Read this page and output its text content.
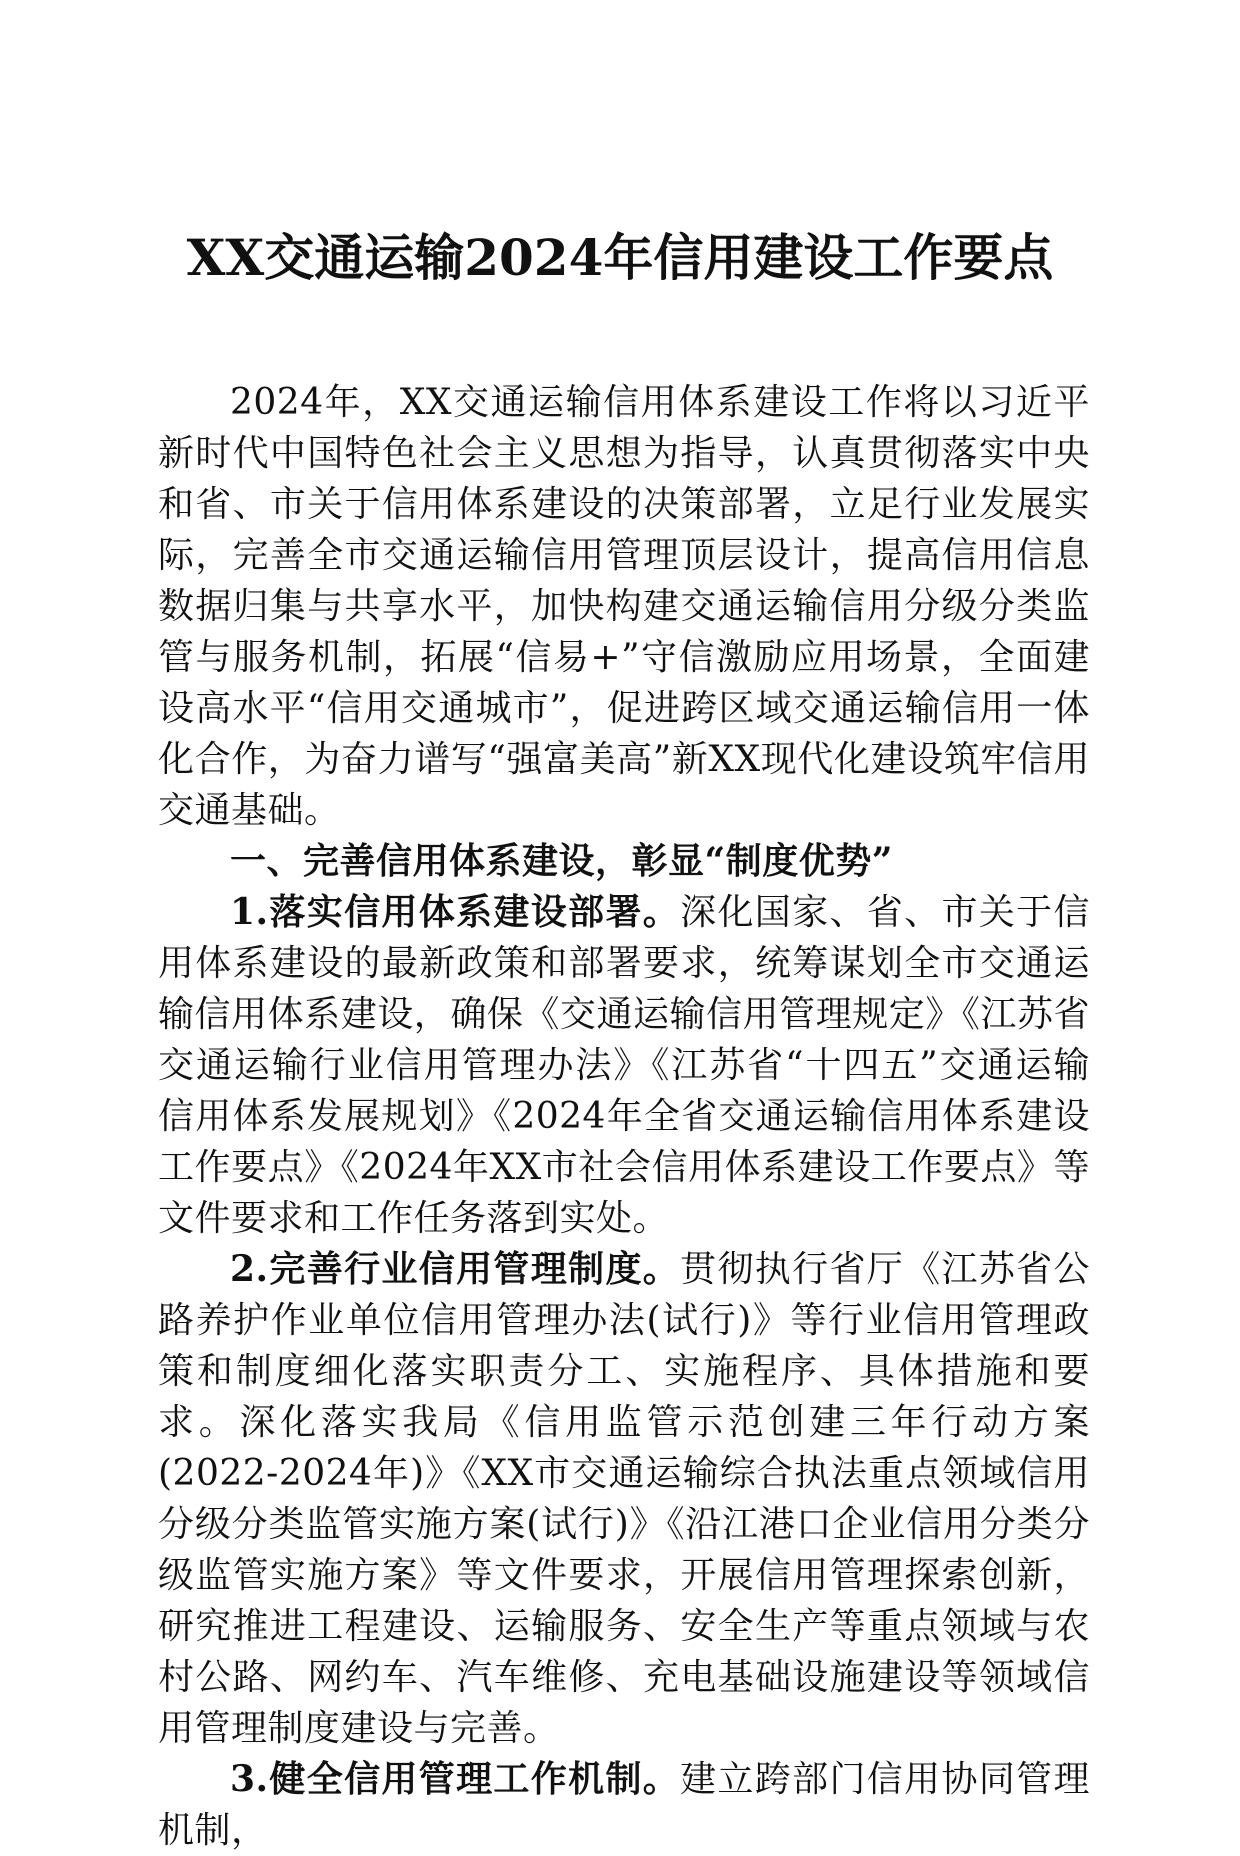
XX交通运输2024年信用建设工作要点

2024年，XX交通运输信用体系建设工作将以习近平新时代中国特色社会主义思想为指导，认真贯彻落实中央和省、市关于信用体系建设的决策部署，立足行业发展实际，完善全市交通运输信用管理顶层设计，提高信用信息数据归集与共享水平，加快构建交通运输信用分级分类监管与服务机制，拓展“信易+”守信激励应用场景，全面建设高水平“信用交通城市”，促进跨区域交通运输信用一体化合作，为奋力谱写“强富美高”新XX现代化建设筑牢信用交通基础。

一、完善信用体系建设，彰显“制度优势”

1.落实信用体系建设部署。深化国家、省、市关于信用体系建设的最新政策和部署要求，统筹谋划全市交通运输信用体系建设，确保《交通运输信用管理规定》《江苏省交通运输行业信用管理办法》《江苏省“十四五”交通运输信用体系发展规划》《2024年全省交通运输信用体系建设工作要点》《2024年XX市社会信用体系建设工作要点》等文件要求和工作任务落到实处。

2.完善行业信用管理制度。贯彻执行省厅《江苏省公路养护作业单位信用管理办法(试行)》等行业信用管理政策和制度细化落实职责分工、实施程序、具体措施和要求。深化落实我局《信用监管示范创建三年行动方案(2022-2024年)》《XX市交通运输综合执法重点领域信用分级分类监管实施方案(试行)》《沿江港口企业信用分类分级监管实施方案》等文件要求，开展信用管理探索创新，研究推进工程建设、运输服务、安全生产等重点领域与农村公路、网约车、汽车维修、充电基础设施建设等领域信用管理制度建设与完善。

3.健全信用管理工作机制。建立跨部门信用协同管理机制，
